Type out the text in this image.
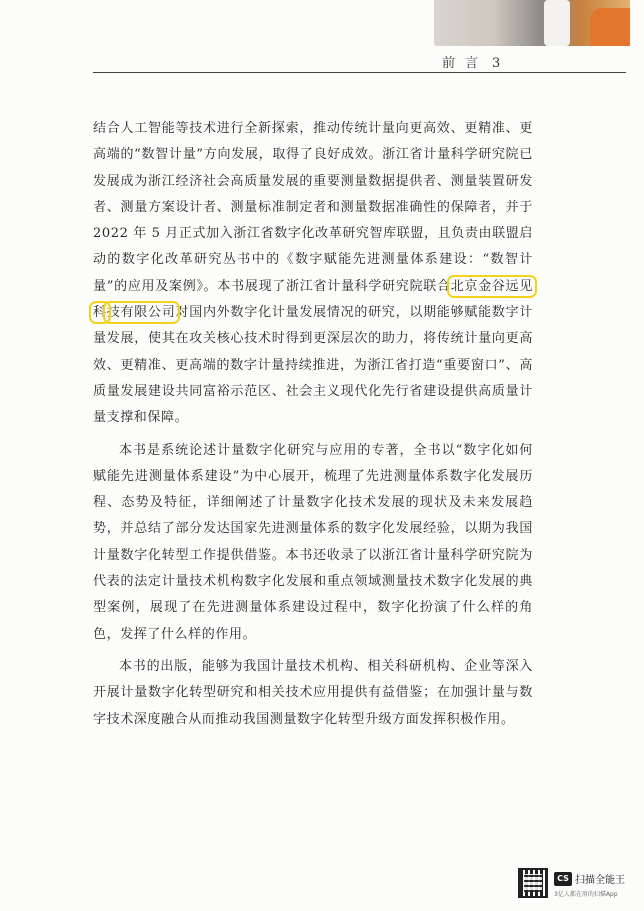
前言 3

结合人工智能等技术进行全新探索，推动传统计量向更高效、更精准、更高端的“数智计量”方向发展，取得了良好成效。浙江省计量科学研究院已发展成为浙江经济社会高质量发展的重要测量数据提供者、测量装置研发者、测量方案设计者、测量标准制定者和测量数据准确性的保障者，并于 2022 年 5 月正式加入浙江省数字化改革研究智库联盟，且负责由联盟启动的数字化改革研究丛书中的《数字赋能先进测量体系建设：“数智计量”的应用及案例》。本书展现了浙江省计量科学研究院联合北京金谷远见科技有限公司对国内外数字化计量发展情况的研究，以期能够赋能数字计量发展，使其在攻关核心技术时得到更深层次的助力，将传统计量向更高效、更精准、更高端的数字计量持续推进，为浙江省打造“重要窗口”、高质量发展建设共同富裕示范区、社会主义现代化先行省建设提供高质量计量支撑和保障。

本书是系统论述计量数字化研究与应用的专著，全书以“数字化如何赋能先进测量体系建设”为中心展开，梳理了先进测量体系数字化发展历程、态势及特征，详细阐述了计量数字化技术发展的现状及未来发展趋势，并总结了部分发达国家先进测量体系的数字化发展经验，以期为我国计量数字化转型工作提供借鉴。本书还收录了以浙江省计量科学研究院为代表的法定计量技术机构数字化发展和重点领域测量技术数字化发展的典型案例，展现了在先进测量体系建设过程中，数字化扮演了什么样的角色，发挥了什么样的作用。

本书的出版，能够为我国计量技术机构、相关科研机构、企业等深入开展计量数字化转型研究和相关技术应用提供有益借鉴；在加强计量与数字技术深度融合从而推动我国测量数字化转型升级方面发挥积极作用。

CS 扫描全能王
3亿人都在用的扫描App
